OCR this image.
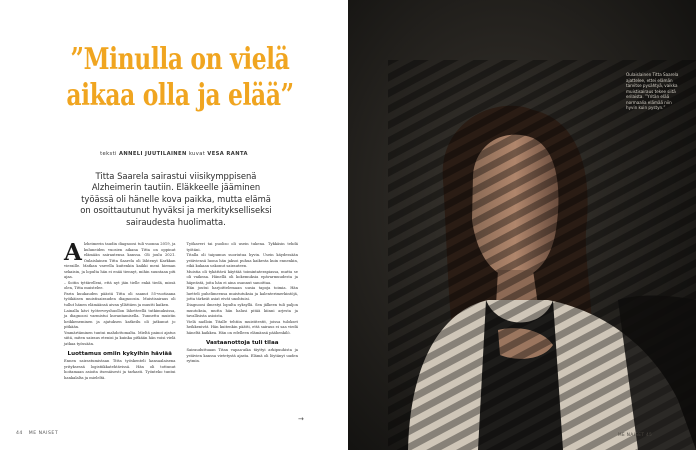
”Minulla on vielä
aikaa olla ja elää”
teksti ANNELI JUUTILAINEN kuvat VESA RANTA

Titta Saarela sairastui viisikymppisenä Alzheimerin tautiin. Eläkkeelle jääminen työässä oli hänelle kova paikka, mutta elämä on osoittautunut hyväksi ja merkitykselliseksi sairaudesta huolimatta.

Alzheimerin taudin diagnoosi tuli vuonna 2019, ja kuluneiden vuosien aikana Titta on oppinut elämään sairautensa kanssa. Oli joulu 2021. Oulaislainen Titta Saarela oli lähtenyt Karkkan vieraille. Matkan varrella kuitenkin kaikki meni hieman sekaisin, ja lopulta hän ei enää tiennyt, mihin suuntaan piti ajaa.

– Soitin tyttärelleni, että nyt jäin tielle enkä tiedä, missä olen, Titta muistelee.

Parin kuukauden päästä Titta oli saanut 55-vuotiaana työikäisen muistisairauden diagnoosin. Muistisairaus oli tullut hänen elämäänsä aivan yllättäen ja muutti kaiken.

Lainalla kävi työterveyshuollon lähetteellä tutkimuksissa, ja diagnoosi varmistui kuvantamisella. Tunnettu muistin heikkeneminen ja ajatuksen katkeilu oli jatkunut jo pitkään.

Ymmärtäminen tuntui mahdottomalta. Mieltä painoi ajatus siitä, miten sairaus etenisi ja kuinka pitkään hän voisi vielä jatkaa työssään.

Luottamus omiin kykyihin häviää

Ennen sairastumistaan Titta työskenteli kansaalaisena yrityksessä logistiikkatehtävissä. Hän oli tottunut hoitamaan asioita itsenäisesti ja tarkasti. Työnteko tuntui hankalalta ja mieleltä.

Työkaveri tai puoliso oli usein tukena. Tykkäsin tehdä työtäni.

Titalla oli taipumus suoriutua hyvin. Usein käydessään ystäviensä luona hän jaksoi puhua kaikesta kuin ennenkin, eikä kukaan uskonut sairauteen.

Muistia oli tykättävä käyttää toimintaterapiassa, mutta se oli vaikeaa. Hänellä oli kokemuksia epävarmuudesta ja häpeästä, joita hän ei aina osannut sanoittaa.

Hän joutui harjoittelemaan uusia tapoja toimia. Hän luetteli puhelimeensa muistutuksia ja kalenterimerkintöjä, jotta tärkeät asiat eivät unohtuisi.

Diagnoosi ilmestyi lopulta syksyllä. Sen jälkeen tuli paljon muutoksia, mutta hän halusi pitää kiinni arjesta ja tavallisista asioista.

Vielä nadloin Titalle tehtiin muistitestit, joissa tulokset heikkenivät. Hän kuitenkin päätti, että sairaus ei saa viedä häneltä kaikkea. Hän on edelleen elämänsä päähenkilö.

Vastaanottoja tuli tilaa

Sairauduttuaan Titan vapaa-aika täyttyi arkipuuhista ja ystävien kanssa vietetystä ajasta. Elämä oli löytänyt uuden rytmin.

44 ME NAISET
→

Oulaislainen Titta Saarela ajattelee, ettei elämän tarvitse pysähtyä, vaikka muistisairaus tekee siitä erilaista. ”Yritän elää normaalia elämää niin hyvin kuin pystyn.”

ME NAISET 45
